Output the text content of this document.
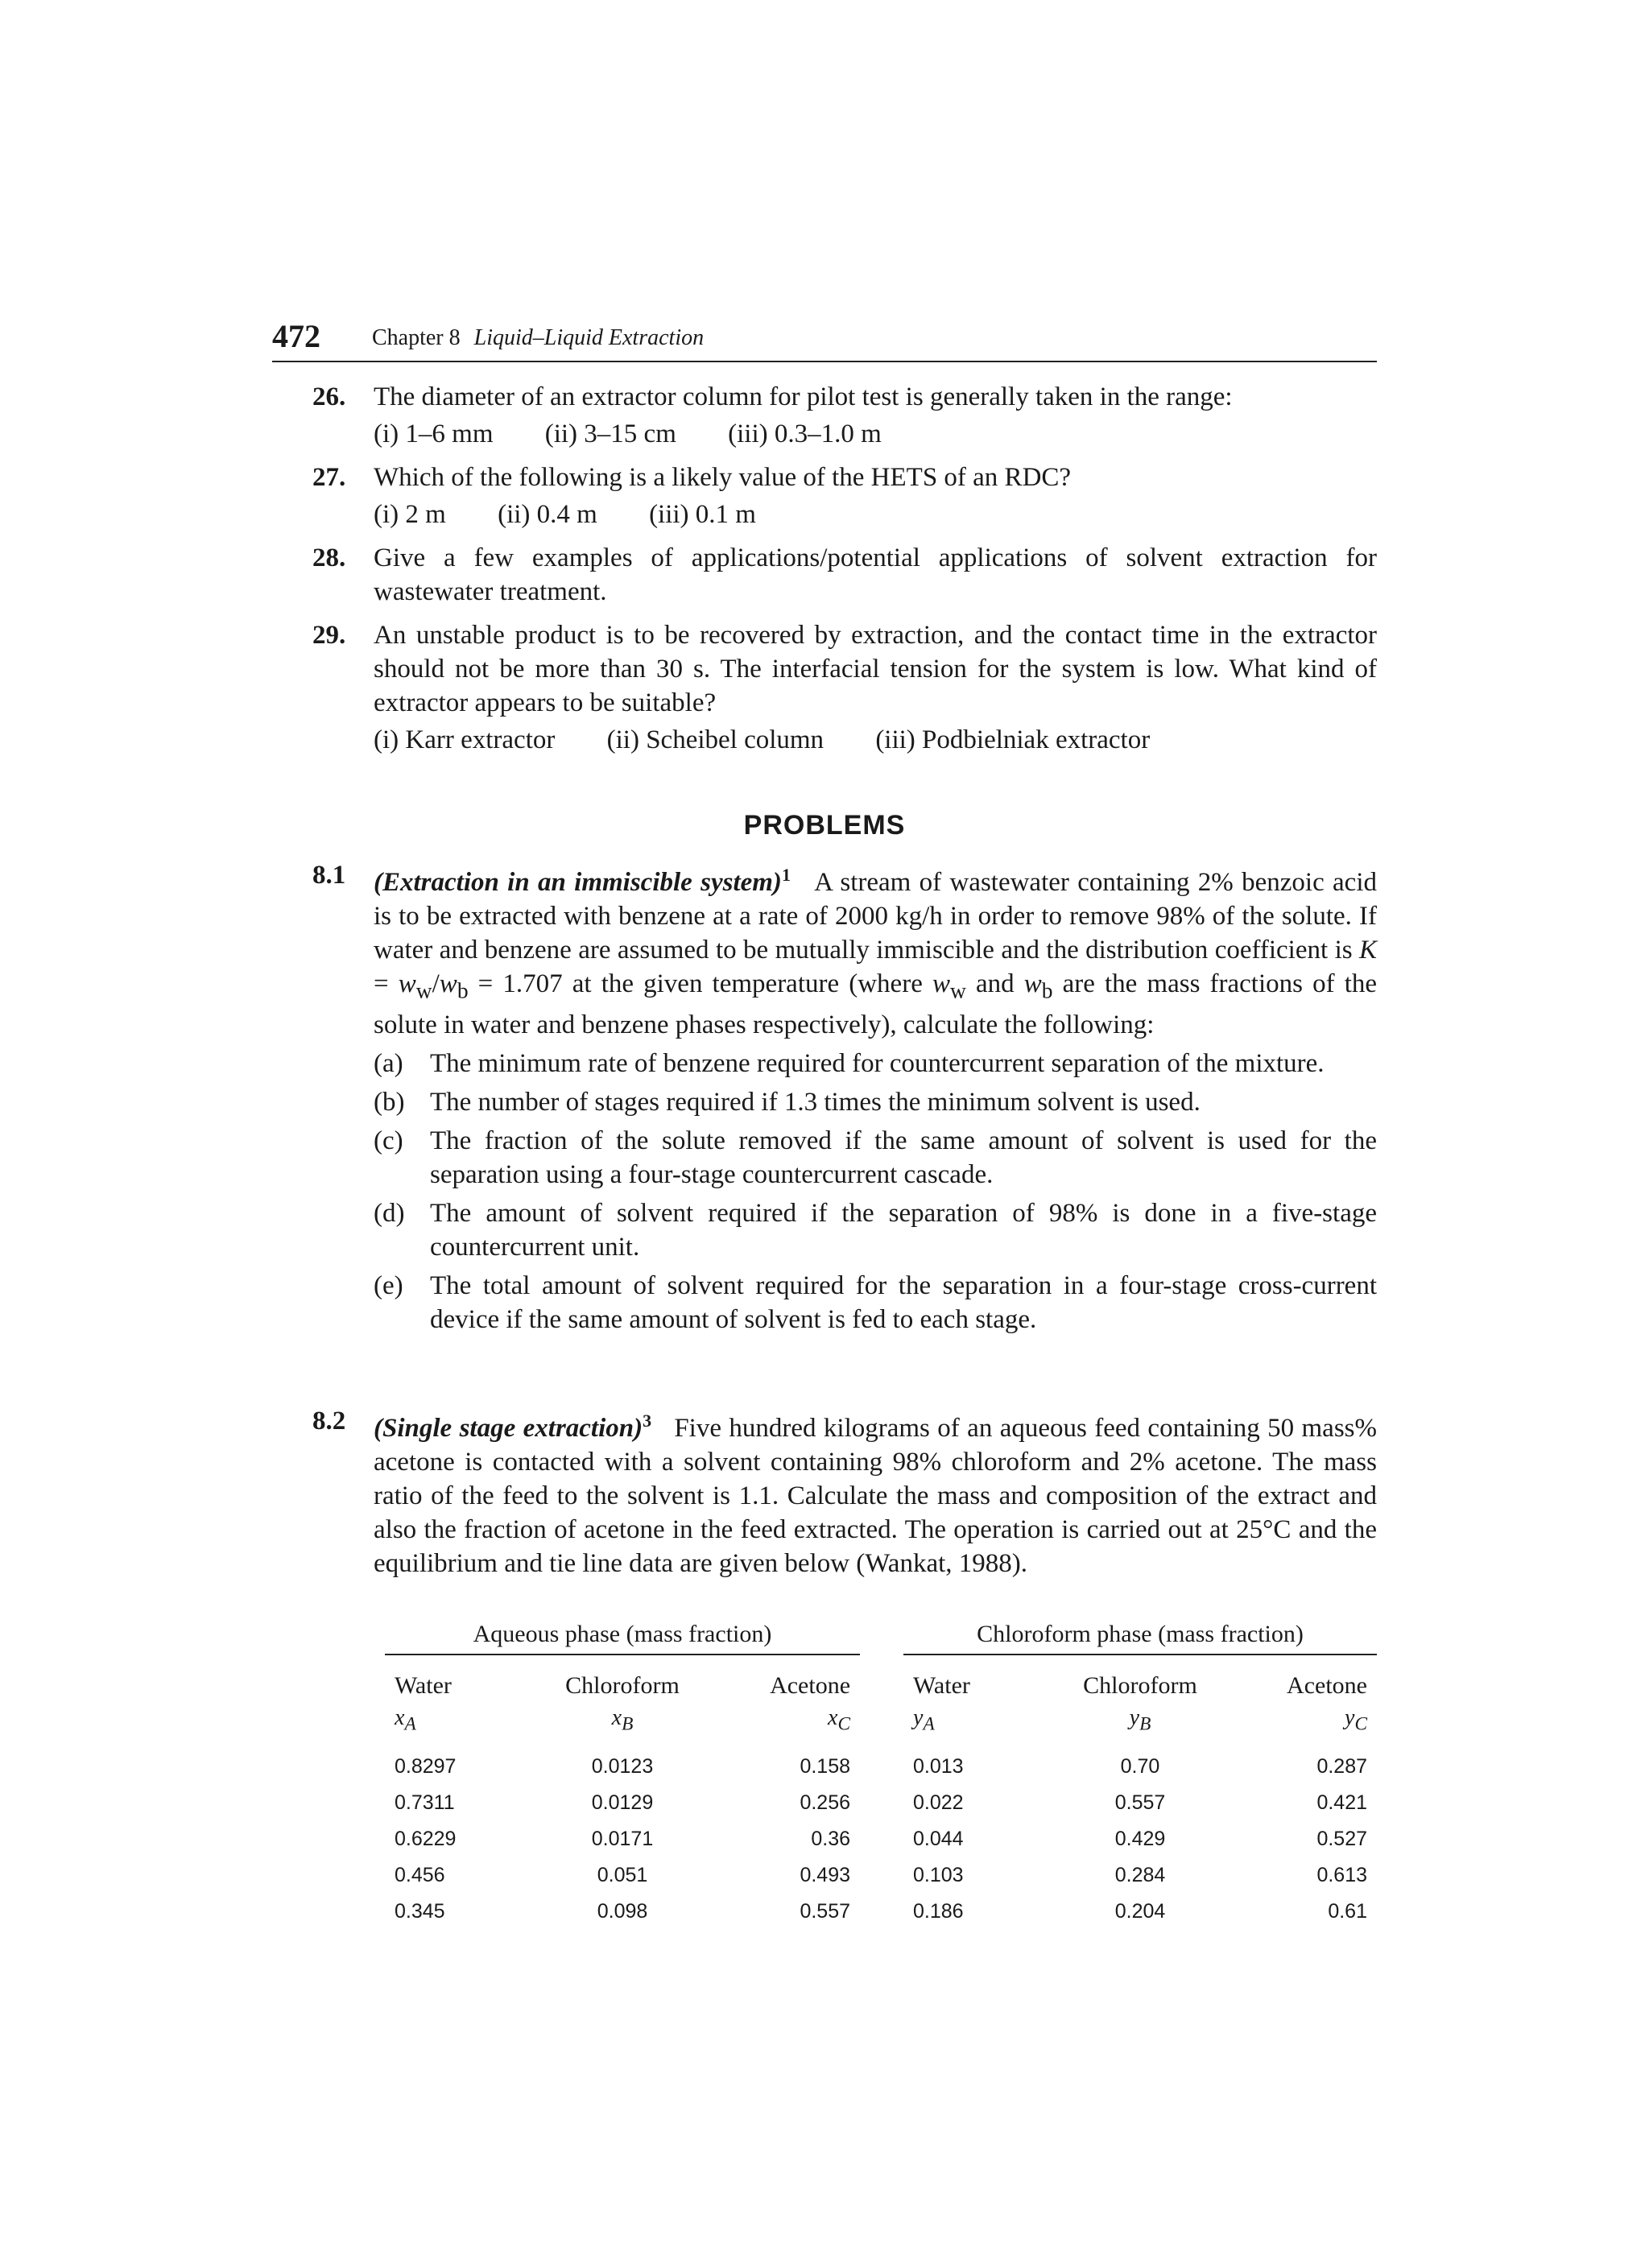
472 Chapter 8 Liquid–Liquid Extraction
26. The diameter of an extractor column for pilot test is generally taken in the range:
(i) 1–6 mm (ii) 3–15 cm (iii) 0.3–1.0 m
27. Which of the following is a likely value of the HETS of an RDC?
(i) 2 m (ii) 0.4 m (iii) 0.1 m
28. Give a few examples of applications/potential applications of solvent extraction for wastewater treatment.
29. An unstable product is to be recovered by extraction, and the contact time in the extractor should not be more than 30 s. The interfacial tension for the system is low. What kind of extractor appears to be suitable?
(i) Karr extractor (ii) Scheibel column (iii) Podbielniak extractor
PROBLEMS
8.1 (Extraction in an immiscible system)$^1$ A stream of wastewater containing 2% benzoic acid is to be extracted with benzene at a rate of 2000 kg/h in order to remove 98% of the solute. If water and benzene are assumed to be mutually immiscible and the distribution coefficient is $K = w_w/w_b = 1.707$ at the given temperature (where $w_w$ and $w_b$ are the mass fractions of the solute in water and benzene phases respectively), calculate the following:
(a) The minimum rate of benzene required for countercurrent separation of the mixture.
(b) The number of stages required if 1.3 times the minimum solvent is used.
(c) The fraction of the solute removed if the same amount of solvent is used for the separation using a four-stage countercurrent cascade.
(d) The amount of solvent required if the separation of 98% is done in a five-stage countercurrent unit.
(e) The total amount of solvent required for the separation in a four-stage cross-current device if the same amount of solvent is fed to each stage.
8.2 (Single stage extraction)$^3$ Five hundred kilograms of an aqueous feed containing 50 mass% acetone is contacted with a solvent containing 98% chloroform and 2% acetone. The mass ratio of the feed to the solvent is 1.1. Calculate the mass and composition of the extract and also the fraction of acetone in the feed extracted. The operation is carried out at 25°C and the equilibrium and tie line data are given below (Wankat, 1988).
Aqueous phase (mass fraction)
Water	Chloroform	Acetone
$x_A$	$x_B$	$x_C$
0.8297	0.0123	0.158
0.7311	0.0129	0.256
0.6229	0.0171	0.36
0.456	0.051	0.493
0.345	0.098	0.557
Chloroform phase (mass fraction)
Water	Chloroform	Acetone
$y_A$	$y_B$	$y_C$
0.013	0.70	0.287
0.022	0.557	0.421
0.044	0.429	0.527
0.103	0.284	0.613
0.186	0.204	0.61
